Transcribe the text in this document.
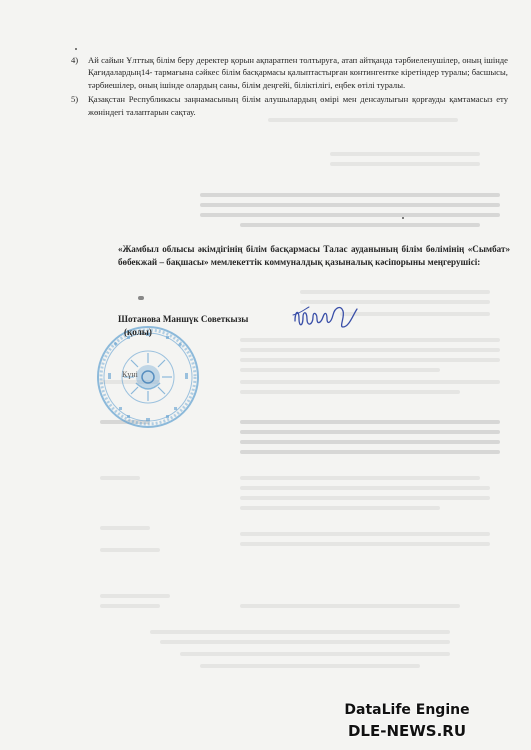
4) Ай сайын Ұлттық білім беру деректер қорын ақпаратпен толтыруға, атап айтқанда тәрбиеленушілер, оның ішінде Қағидалардың14- тармағына сәйкес білім басқармасы қалыптастырған контингентке кіретіндер туралы; басшысы,
тәрбиешілер, оның ішінде олардың саны, білім деңгейі, біліктілігі, еңбек өтілі туралы.
5) Қазақстан Республикасы заңнамасының білім алушылардың өмірі мен денсаулығын қорғауды қамтамасыз ету жөніндегі талаптарын сақтау.
«Жамбыл облысы әкімдігінің білім басқармасы Талас ауданының білім бөлімінің «Сымбат» бөбекжай – бақшасы» мемлекеттік коммуналдық қазыналық кәсіпорыны меңгерушісі:
Шотанова Маншүк Советкызы
(қолы)
Күні
DataLife Engine
DLE-NEWS.RU
